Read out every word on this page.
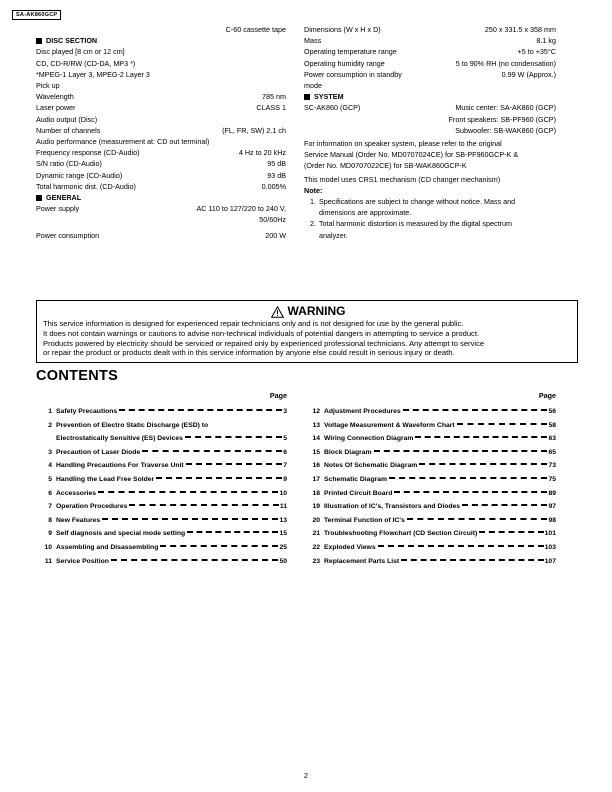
SA-AK860GCP
C-60 cassette tape
DISC SECTION
Disc played [8 cm or 12 cm]
CD, CD-R/RW (CD-DA, MP3 *)
*MPEG-1 Layer 3, MPEG-2 Layer 3
Pick up
Wavelength	785 nm
Laser power	CLASS 1
Audio output (Disc)
Number of channels	(FL, FR, SW) 2.1 ch
Audio performance (measurement at: CD out terminal)
Frequency response (CD-Audio)	4 Hz to 20 kHz
S/N ratio (CD-Audio)	95 dB
Dynamic range (CD-Audio)	93 dB
Total harmonic dist. (CD-Audio)	0.005%
GENERAL
Power supply	AC 110 to 127/220 to 240 V,
50/60Hz
Power consumption	200 W
Dimensions (W x H x D)	250 x 331.5 x 358 mm
Mass	8.1 kg
Operating temperature range	+5 to +35°C
Operating humidity range	5 to 90% RH (no condensation)
Power consumption in standby	0.99 W (Approx.)
mode
SYSTEM
SC-AK860 (GCP)	Music center: SA-AK860 (GCP)
Front speakers: SB-PF960 (GCP)
Subwoofer: SB-WAK860 (GCP)
For information on speaker system, please refer to the original
Service Manual (Order No. MD0707024CE) for SB-PF960GCP-K &
(Order No. MD0707022CE) for SB-WAK860GCP-K
This model uses CRS1 mechanism (CD changer mechanism)
Note:
1. Specifications are subject to change without notice. Mass and
dimensions are approximate.
2. Total harmonic distortion is measured by the digital spectrum
analyzer.
WARNING
This service information is designed for experienced repair technicians only and is not designed for use by the general public.
It does not contain warnings or cautions to advise non-technical individuals of potential dangers in attempting to service a product.
Products powered by electricity should be serviced or repaired only by experienced professional technicians. Any attempt to service
or repair the product or products dealt with in this service information by anyone else could result in serious injury or death.
CONTENTS
Page
1 Safety Precautions	3
2 Prevention of Electro Static Discharge (ESD) to
Electrostatically Sensitive (ES) Devices	5
3 Precaution of Laser Diode	6
4 Handling Precautions For Traverse Unit	7
5 Handling the Lead Free Solder	9
6 Accessories	10
7 Operation Procedures	11
8 New Features	13
9 Self diagnosis and special mode setting	15
10 Assembling and Disassembling	25
11 Service Position	50
Page
12 Adjustment Procedures	56
13 Voltage Measurement & Waveform Chart	58
14 Wiring Connection Diagram	63
15 Block Diagram	65
16 Notes Of Schematic Diagram	73
17 Schematic Diagram	75
18 Printed Circuit Board	89
19 Illustration of IC's, Transistors and Diodes	97
20 Terminal Function of IC's	98
21 Troubleshooting Flowchart (CD Section Circuit)	101
22 Exploded Views	103
23 Replacement Parts List	107
2
